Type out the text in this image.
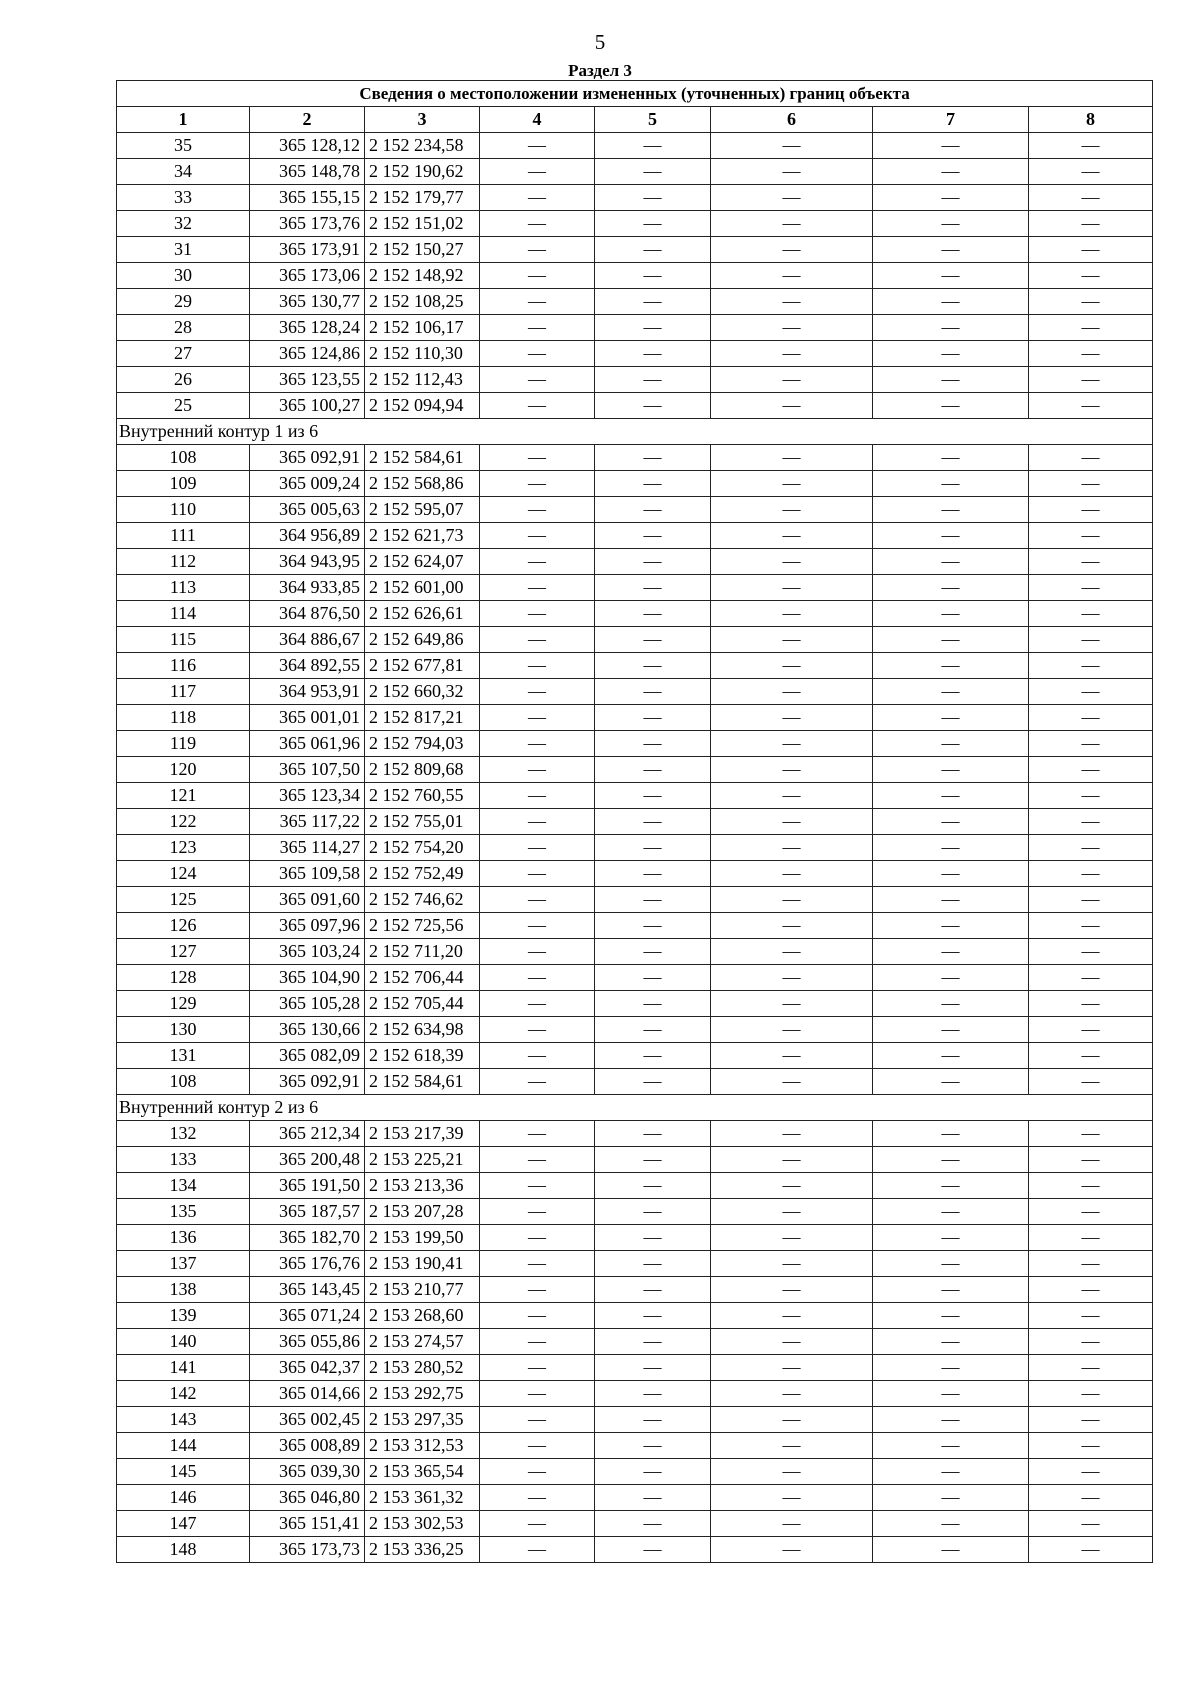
5
Раздел 3
Сведения о местоположении измененных (уточненных) границ объекта							
1	2	3	4	5	6	7	8
35	365 128,12	2 152 234,58	—	—	—	—	—
34	365 148,78	2 152 190,62	—	—	—	—	—
33	365 155,15	2 152 179,77	—	—	—	—	—
32	365 173,76	2 152 151,02	—	—	—	—	—
31	365 173,91	2 152 150,27	—	—	—	—	—
30	365 173,06	2 152 148,92	—	—	—	—	—
29	365 130,77	2 152 108,25	—	—	—	—	—
28	365 128,24	2 152 106,17	—	—	—	—	—
27	365 124,86	2 152 110,30	—	—	—	—	—
26	365 123,55	2 152 112,43	—	—	—	—	—
25	365 100,27	2 152 094,94	—	—	—	—	—
Внутренний контур 1 из 6							
108	365 092,91	2 152 584,61	—	—	—	—	—
109	365 009,24	2 152 568,86	—	—	—	—	—
110	365 005,63	2 152 595,07	—	—	—	—	—
111	364 956,89	2 152 621,73	—	—	—	—	—
112	364 943,95	2 152 624,07	—	—	—	—	—
113	364 933,85	2 152 601,00	—	—	—	—	—
114	364 876,50	2 152 626,61	—	—	—	—	—
115	364 886,67	2 152 649,86	—	—	—	—	—
116	364 892,55	2 152 677,81	—	—	—	—	—
117	364 953,91	2 152 660,32	—	—	—	—	—
118	365 001,01	2 152 817,21	—	—	—	—	—
119	365 061,96	2 152 794,03	—	—	—	—	—
120	365 107,50	2 152 809,68	—	—	—	—	—
121	365 123,34	2 152 760,55	—	—	—	—	—
122	365 117,22	2 152 755,01	—	—	—	—	—
123	365 114,27	2 152 754,20	—	—	—	—	—
124	365 109,58	2 152 752,49	—	—	—	—	—
125	365 091,60	2 152 746,62	—	—	—	—	—
126	365 097,96	2 152 725,56	—	—	—	—	—
127	365 103,24	2 152 711,20	—	—	—	—	—
128	365 104,90	2 152 706,44	—	—	—	—	—
129	365 105,28	2 152 705,44	—	—	—	—	—
130	365 130,66	2 152 634,98	—	—	—	—	—
131	365 082,09	2 152 618,39	—	—	—	—	—
108	365 092,91	2 152 584,61	—	—	—	—	—
Внутренний контур 2 из 6							
132	365 212,34	2 153 217,39	—	—	—	—	—
133	365 200,48	2 153 225,21	—	—	—	—	—
134	365 191,50	2 153 213,36	—	—	—	—	—
135	365 187,57	2 153 207,28	—	—	—	—	—
136	365 182,70	2 153 199,50	—	—	—	—	—
137	365 176,76	2 153 190,41	—	—	—	—	—
138	365 143,45	2 153 210,77	—	—	—	—	—
139	365 071,24	2 153 268,60	—	—	—	—	—
140	365 055,86	2 153 274,57	—	—	—	—	—
141	365 042,37	2 153 280,52	—	—	—	—	—
142	365 014,66	2 153 292,75	—	—	—	—	—
143	365 002,45	2 153 297,35	—	—	—	—	—
144	365 008,89	2 153 312,53	—	—	—	—	—
145	365 039,30	2 153 365,54	—	—	—	—	—
146	365 046,80	2 153 361,32	—	—	—	—	—
147	365 151,41	2 153 302,53	—	—	—	—	—
148	365 173,73	2 153 336,25	—	—	—	—	—
